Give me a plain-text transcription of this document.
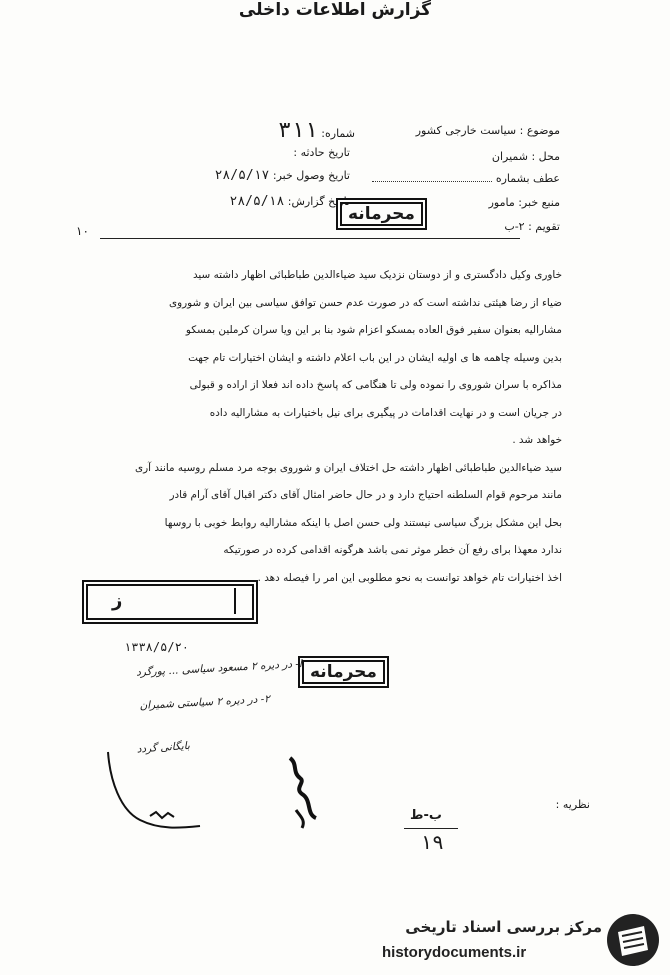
گزارش اطلاعات داخلی
موضوع : سیاست خارجی کشور
محل : شمیران
عطف بشماره
منبع خبر: مامور
تقویم : ۲-ب
شماره: ۳۱۱
تاریخ حادثه :
تاریخ وصول خبر: ۲۸/۵/۱۷
تاریخ گزارش: ۲۸/۵/۱۸
محرمانه
۱۰

خاوری وکیل دادگستری و از دوستان نزدیک سید ضیاءالدین طباطبائی اظهار داشته سید

ضیاء از رضا هیئتی نداشته است که در صورت عدم حسن توافق سیاسی بین ایران و شوروی

مشارالیه بعنوان سفیر فوق العاده بمسکو اعزام شود بنا بر این ویا سران کرملین بمسکو

بدین وسیله چاهمه ها ی اولیه ایشان در این باب اعلام داشته و ایشان اختیارات تام جهت

مذاکره با سران شوروی را نموده ولی تا هنگامی که پاسخ داده اند فعلا از اراده و قبولی

در جریان است و در نهایت اقدامات در پیگیری برای نیل باختیارات به مشارالیه داده

خواهد شد .

سید ضیاءالدین طباطبائی اظهار داشته حل اختلاف ایران و شوروی بوجه مرد مسلم روسیه مانند آری

مانند مرحوم قوام السلطنه احتیاج دارد و در حال حاضر امثال آقای دکتر اقبال آقای آرام قادر

بحل این مشکل بزرگ سیاسی نیستند ولی حسن اصل با اینکه مشارالیه روابط خوبی با روسها

ندارد معهذا برای رفع آن خطر موثر نمی باشد هرگونه اقدامی کرده در صورتیکه

اخذ اختیارات تام خواهد توانست به نحو مطلوبی این امر را فیصله دهد .

ز
۱۳۳۸/۵/۲۰
محرمانه
ا- در دیره ۲ مسعود سیاسی ... پورگرد
۲- در دیره ۲ سیاستی شمیران
بایگانی گردد
نظریه :
ب-ط
۱۹
مرکز بررسی اسناد تاریخی
historydocuments.ir
